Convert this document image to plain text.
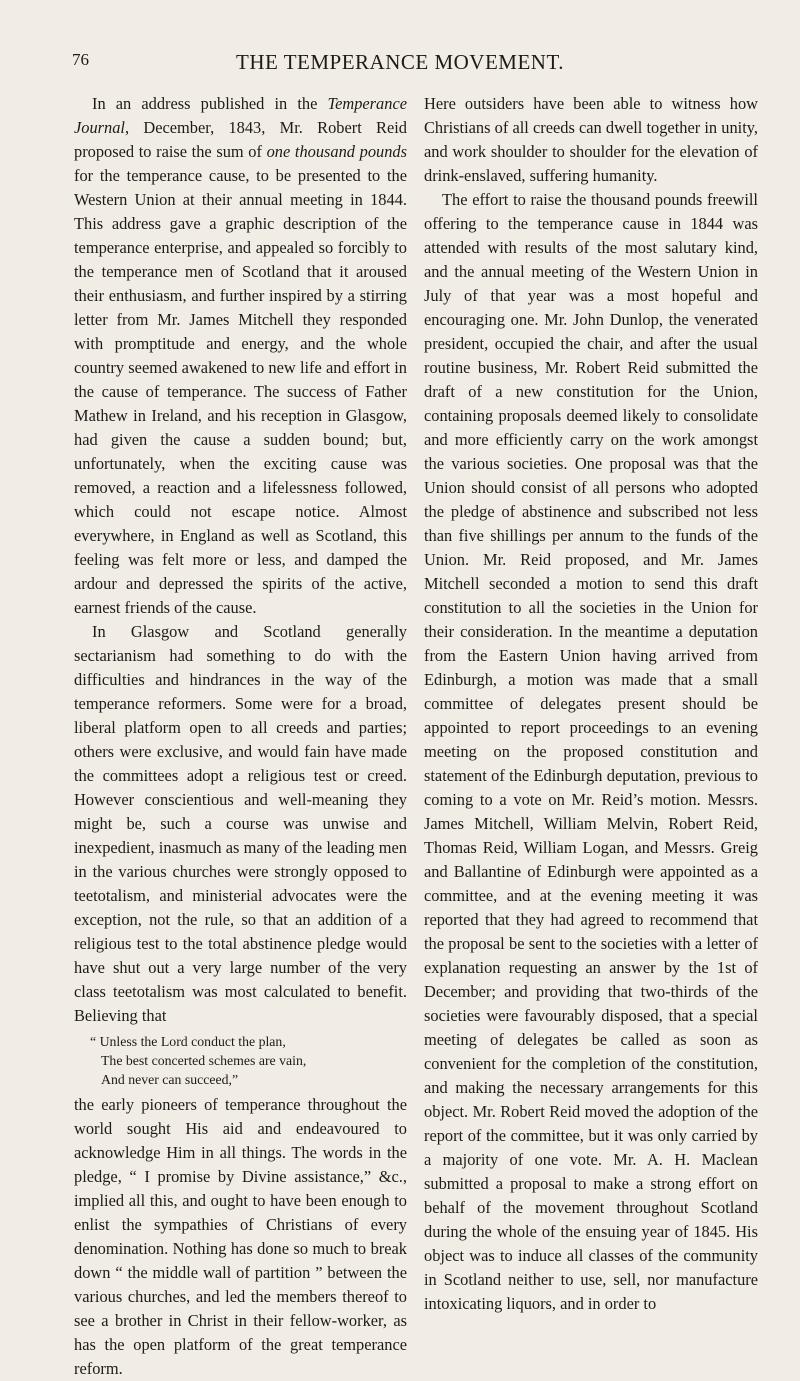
76	THE TEMPERANCE MOVEMENT.

In an address published in the Temperance Journal, December, 1843, Mr. Robert Reid proposed to raise the sum of one thousand pounds for the temperance cause, to be presented to the Western Union at their annual meeting in 1844. This address gave a graphic description of the temperance enterprise, and appealed so forcibly to the temperance men of Scotland that it aroused their enthusiasm, and further inspired by a stirring letter from Mr. James Mitchell they responded with promptitude and energy, and the whole country seemed awakened to new life and effort in the cause of temperance. The success of Father Mathew in Ireland, and his reception in Glasgow, had given the cause a sudden bound; but, unfortunately, when the exciting cause was removed, a reaction and a lifelessness followed, which could not escape notice. Almost everywhere, in England as well as Scotland, this feeling was felt more or less, and damped the ardour and depressed the spirits of the active, earnest friends of the cause.

In Glasgow and Scotland generally sectarianism had something to do with the difficulties and hindrances in the way of the temperance reformers. Some were for a broad, liberal platform open to all creeds and parties; others were exclusive, and would fain have made the committees adopt a religious test or creed. However conscientious and well-meaning they might be, such a course was unwise and inexpedient, inasmuch as many of the leading men in the various churches were strongly opposed to teetotalism, and ministerial advocates were the exception, not the rule, so that an addition of a religious test to the total abstinence pledge would have shut out a very large number of the very class teetotalism was most calculated to benefit. Believing that

“ Unless the Lord conduct the plan,
The best concerted schemes are vain,
And never can succeed,”

the early pioneers of temperance throughout the world sought His aid and endeavoured to acknowledge Him in all things. The words in the pledge, “ I promise by Divine assistance,” &c., implied all this, and ought to have been enough to enlist the sympathies of Christians of every denomination. Nothing has done so much to break down “ the middle wall of partition ” between the various churches, and led the members thereof to see a brother in Christ in their fellow-worker, as has the open platform of the great temperance reform.

Here outsiders have been able to witness how Christians of all creeds can dwell together in unity, and work shoulder to shoulder for the elevation of drink-enslaved, suffering humanity.

The effort to raise the thousand pounds freewill offering to the temperance cause in 1844 was attended with results of the most salutary kind, and the annual meeting of the Western Union in July of that year was a most hopeful and encouraging one. Mr. John Dunlop, the venerated president, occupied the chair, and after the usual routine business, Mr. Robert Reid submitted the draft of a new constitution for the Union, containing proposals deemed likely to consolidate and more efficiently carry on the work amongst the various societies. One proposal was that the Union should consist of all persons who adopted the pledge of abstinence and subscribed not less than five shillings per annum to the funds of the Union. Mr. Reid proposed, and Mr. James Mitchell seconded a motion to send this draft constitution to all the societies in the Union for their consideration. In the meantime a deputation from the Eastern Union having arrived from Edinburgh, a motion was made that a small committee of delegates present should be appointed to report proceedings to an evening meeting on the proposed constitution and statement of the Edinburgh deputation, previous to coming to a vote on Mr. Reid’s motion. Messrs. James Mitchell, William Melvin, Robert Reid, Thomas Reid, William Logan, and Messrs. Greig and Ballantine of Edinburgh were appointed as a committee, and at the evening meeting it was reported that they had agreed to recommend that the proposal be sent to the societies with a letter of explanation requesting an answer by the 1st of December; and providing that two-thirds of the societies were favourably disposed, that a special meeting of delegates be called as soon as convenient for the completion of the constitution, and making the necessary arrangements for this object. Mr. Robert Reid moved the adoption of the report of the committee, but it was only carried by a majority of one vote. Mr. A. H. Maclean submitted a proposal to make a strong effort on behalf of the movement throughout Scotland during the whole of the ensuing year of 1845. His object was to induce all classes of the community in Scotland neither to use, sell, nor manufacture intoxicating liquors, and in order to
